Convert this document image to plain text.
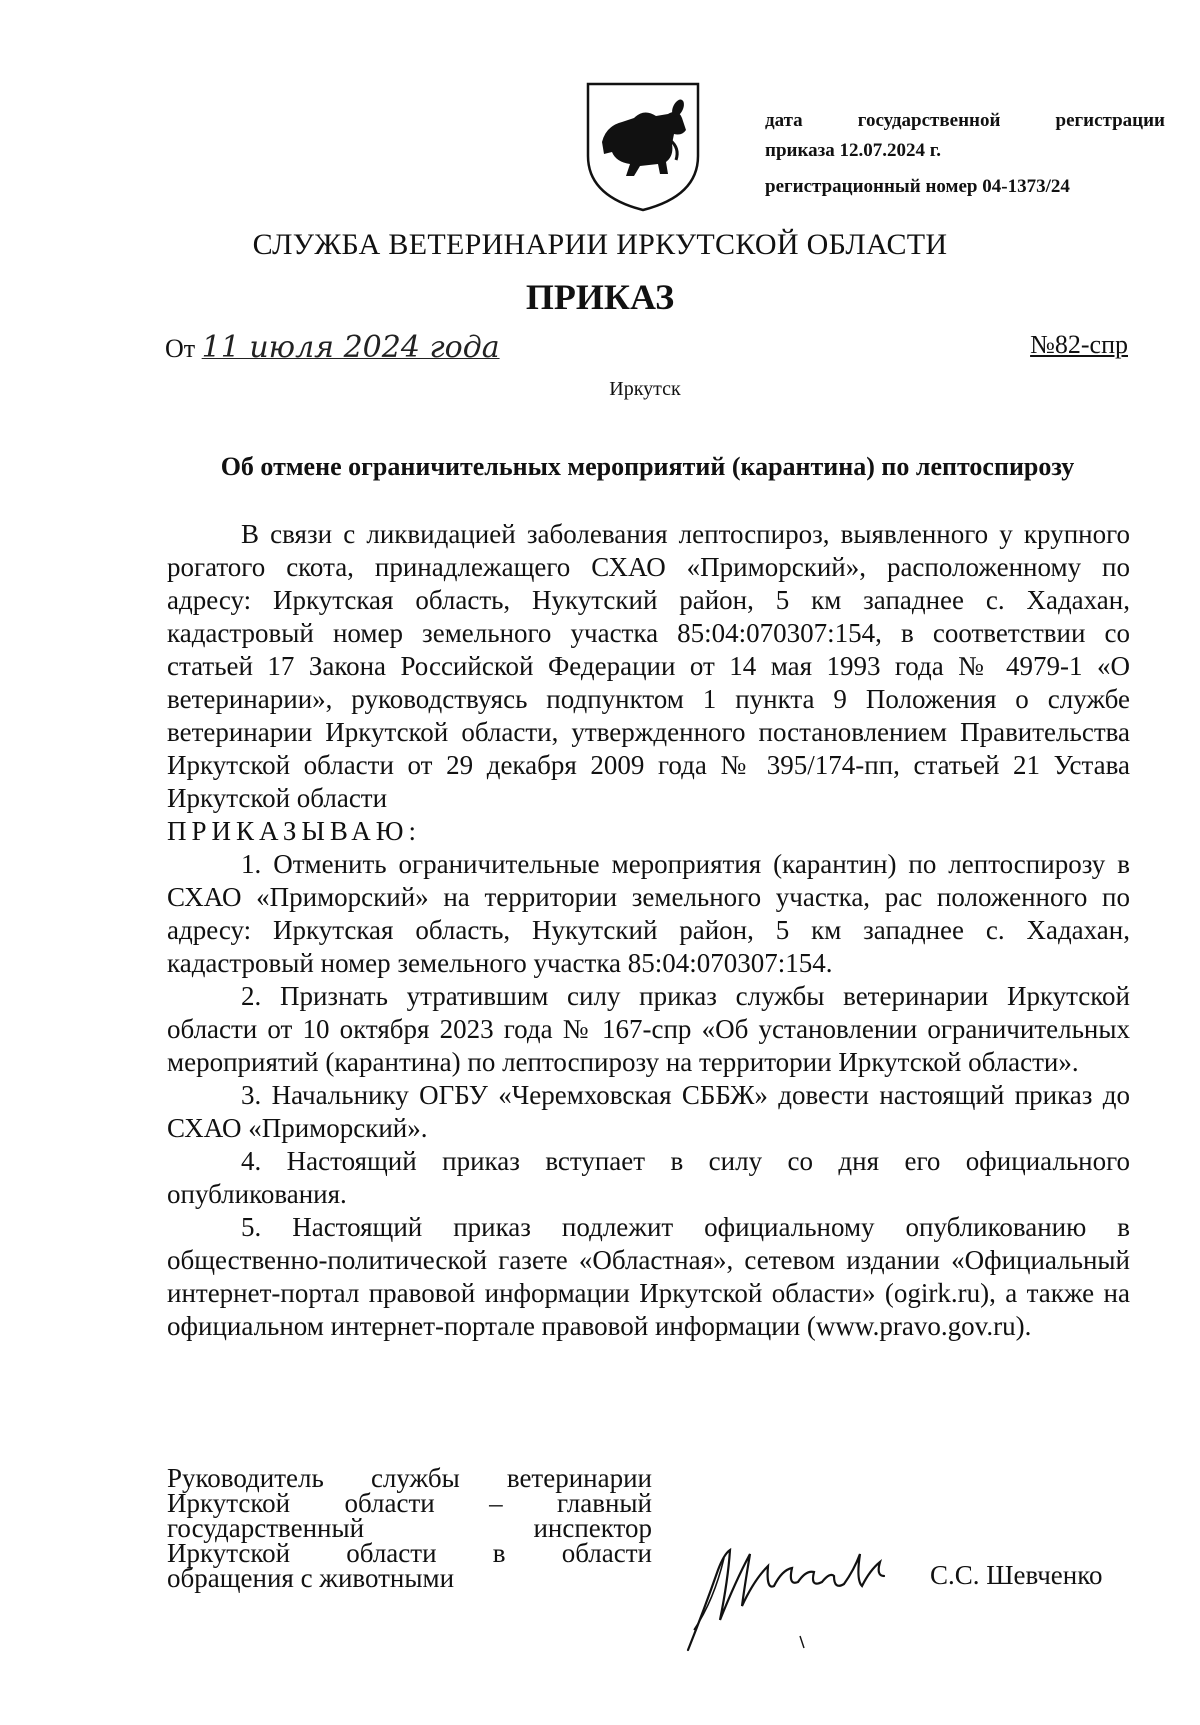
дата государственной регистрации
приказа 12.07.2024 г.
регистрационный номер 04-1373/24
СЛУЖБА ВЕТЕРИНАРИИ ИРКУТСКОЙ ОБЛАСТИ
ПРИКАЗ
От 11 июля 2024 года	№82-спр
Иркутск
Об отмене ограничительных мероприятий (карантина) по лептоспирозу

В связи с ликвидацией заболевания лептоспироз, выявленного у крупного рогатого скота, принадлежащего СХАО «Приморский», расположенному по адресу: Иркутская область, Нукутский район, 5 км западнее с. Хадахан, кадастровый номер земельного участка 85:04:070307:154, в соответствии со статьей 17 Закона Российской Федерации от 14 мая 1993 года № 4979-1 «О ветеринарии», руководствуясь подпунктом 1 пункта 9 Положения о службе ветеринарии Иркутской области, утвержденного постановлением Правительства Иркутской области от 29 декабря 2009 года № 395/174-пп, статьей 21 Устава Иркутской области

ПРИКАЗЫВАЮ:

1. Отменить ограничительные мероприятия (карантин) по лептоспирозу в СХАО «Приморский» на территории земельного участка, рас положенного по адресу: Иркутская область, Нукутский район, 5 км западнее с. Хадахан, кадастровый номер земельного участка 85:04:070307:154.

2. Признать утратившим силу приказ службы ветеринарии Иркутской области от 10 октября 2023 года № 167-спр «Об установлении ограничительных мероприятий (карантина) по лептоспирозу на территории Иркутской области».

3. Начальнику ОГБУ «Черемховская СББЖ» довести настоящий приказ до СХАО «Приморский».

4. Настоящий приказ вступает в силу со дня его официального опубликования.

5. Настоящий приказ подлежит официальному опубликованию в общественно-политической газете «Областная», сетевом издании «Официальный интернет-портал правовой информации Иркутской области» (ogirk.ru), а также на официальном интернет-портале правовой информации (www.pravo.gov.ru).

Руководитель службы ветеринарии
Иркутской области – главный
государственный инспектор
Иркутской области в области
обращения с животными	С.С. Шевченко
